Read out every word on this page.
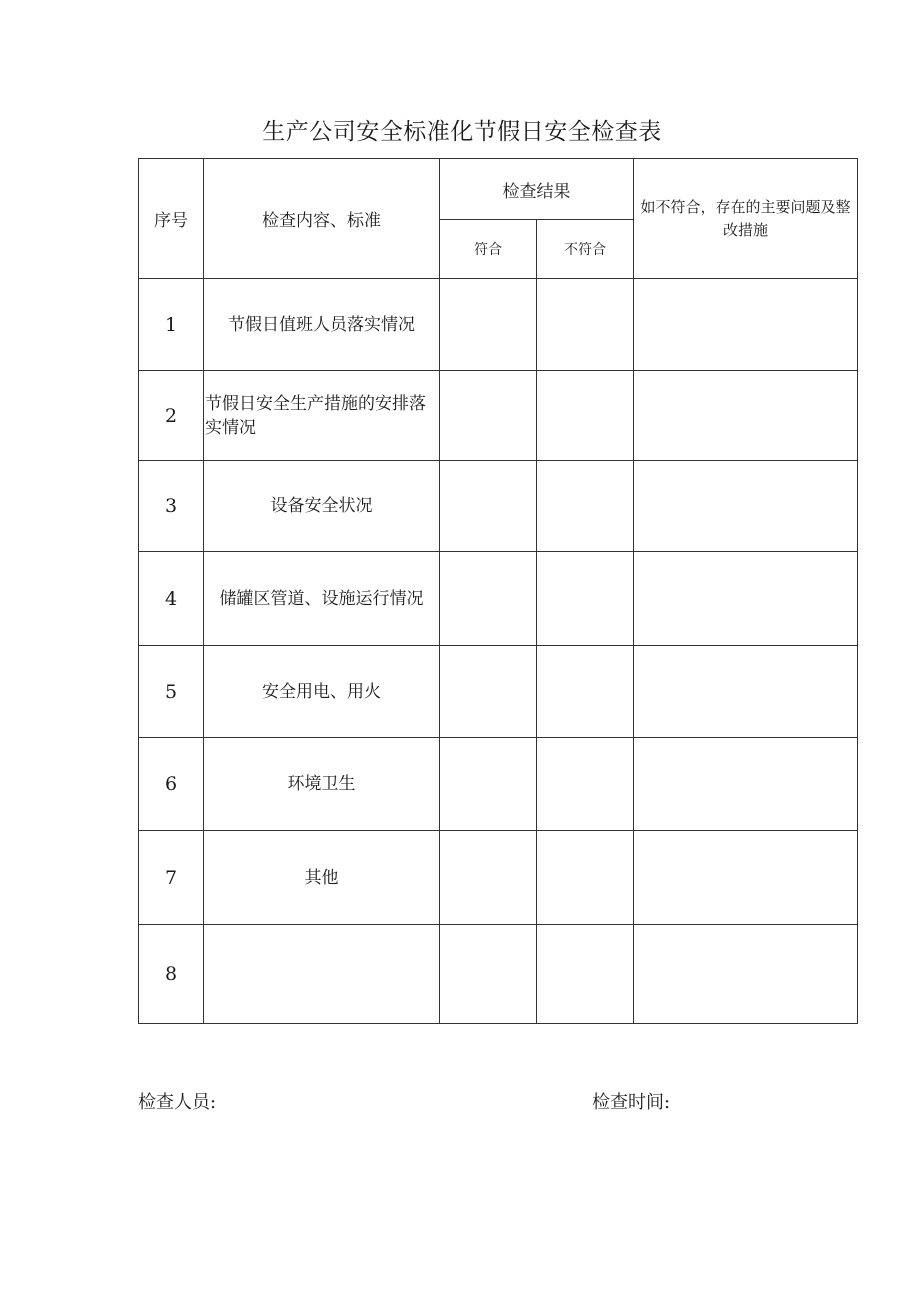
生产公司安全标准化节假日安全检查表
序号	检查内容、标准	检查结果		如不符合，存在的主要问题及整改措施
		符合	不符合	
1	节假日值班人员落实情况			
2	节假日安全生产措施的安排落实情况			
3	设备安全状况			
4	储罐区管道、设施运行情况			
5	安全用电、用火			
6	环境卫生			
7	其他			
8				
检查人员:	检查时间:
